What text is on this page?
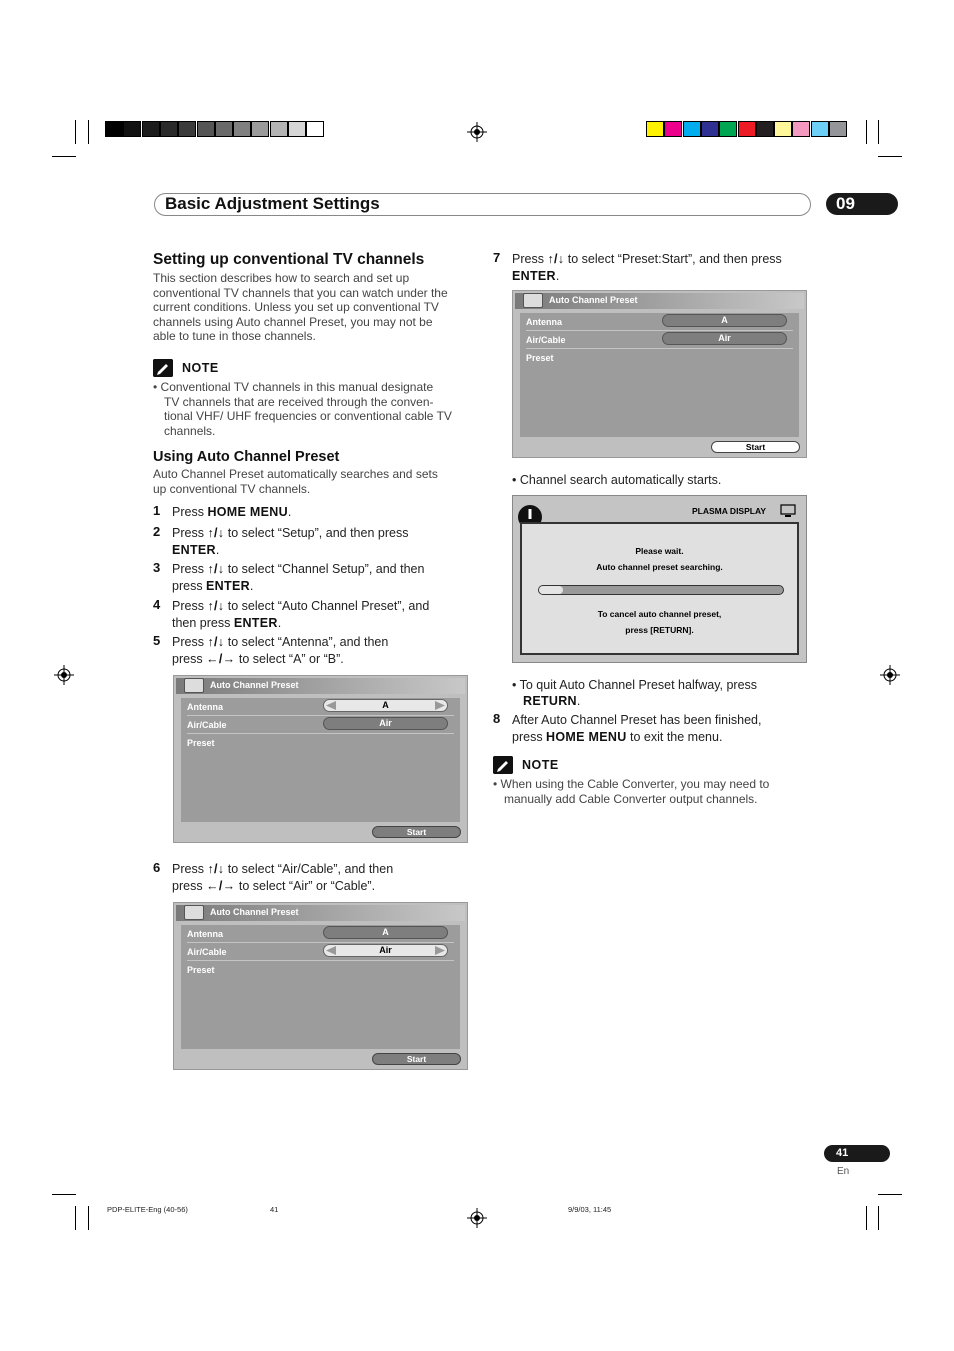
Basic Adjustment Settings	09
Setting up conventional TV channels
This section describes how to search and set up
conventional TV channels that you can watch under the
current conditions. Unless you set up conventional TV
channels using Auto channel Preset, you may not be
able to tune in those channels.
NOTE
• Conventional TV channels in this manual designate
TV channels that are received through the conven-
tional VHF/ UHF frequencies or conventional cable TV
channels.
Using Auto Channel Preset
Auto Channel Preset automatically searches and sets
up conventional TV channels.
1 Press HOME MENU.
2 Press ↑/↓ to select “Setup”, and then press
ENTER.
3 Press ↑/↓ to select “Channel Setup”, and then
press ENTER.
4 Press ↑/↓ to select “Auto Channel Preset”, and
then press ENTER.
5 Press ↑/↓ to select “Antenna”, and then
press ←/→ to select “A” or “B”.
Auto Channel Preset
Antenna	A
Air/Cable	Air
Preset
Start
6 Press ↑/↓ to select “Air/Cable”, and then
press ←/→ to select “Air” or “Cable”.
Auto Channel Preset
Antenna	A
Air/Cable	Air
Preset
Start
7 Press ↑/↓ to select “Preset:Start”, and then press
ENTER.
Auto Channel Preset
Antenna	A
Air/Cable	Air
Preset
Start
• Channel search automatically starts.
PLASMA DISPLAY
Please wait.
Auto channel preset searching.
To cancel auto channel preset,
press [RETURN].
• To quit Auto Channel Preset halfway, press
RETURN.
8 After Auto Channel Preset has been finished,
press HOME MENU to exit the menu.
NOTE
• When using the Cable Converter, you may need to
manually add Cable Converter output channels.
41
En
PDP-ELITE-Eng (40-56)	41	9/9/03, 11:45
